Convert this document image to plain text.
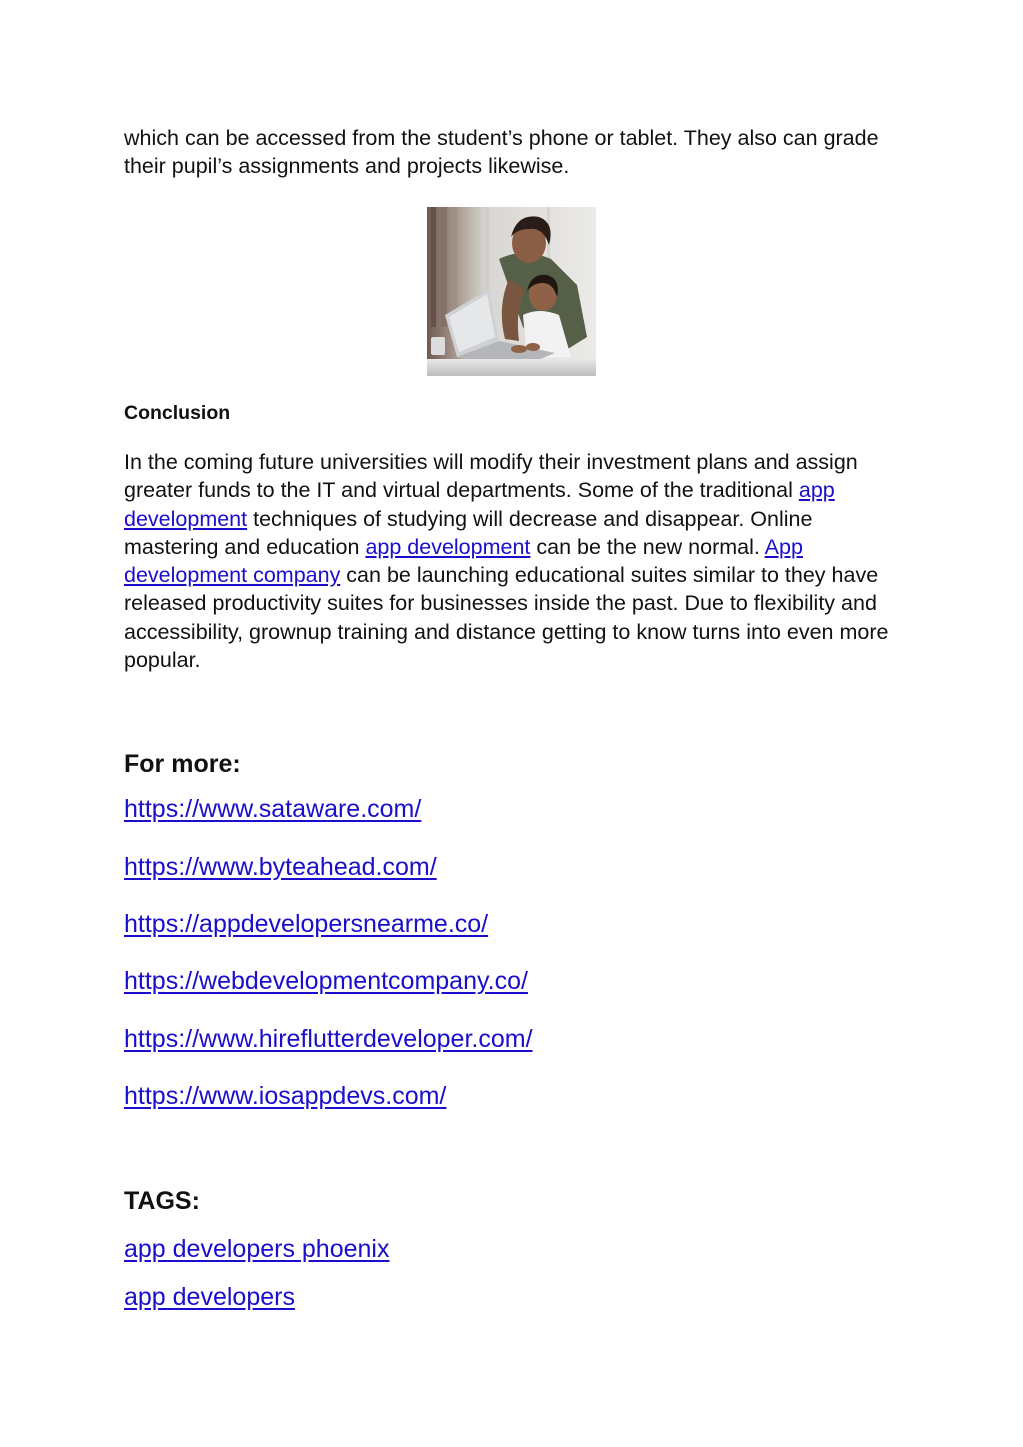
which can be accessed from the student’s phone or tablet. They also can grade their pupil’s assignments and projects likewise.

Conclusion

In the coming future universities will modify their investment plans and assign greater funds to the IT and virtual departments. Some of the traditional app development techniques of studying will decrease and disappear. Online mastering and education app development can be the new normal. App development company can be launching educational suites similar to they have released productivity suites for businesses inside the past. Due to flexibility and accessibility, grownup training and distance getting to know turns into even more popular.

For more:
https://www.sataware.com/
https://www.byteahead.com/
https://appdevelopersnearme.co/
https://webdevelopmentcompany.co/
https://www.hireflutterdeveloper.com/
https://www.iosappdevs.com/
TAGS:
app developers phoenix
app developers
